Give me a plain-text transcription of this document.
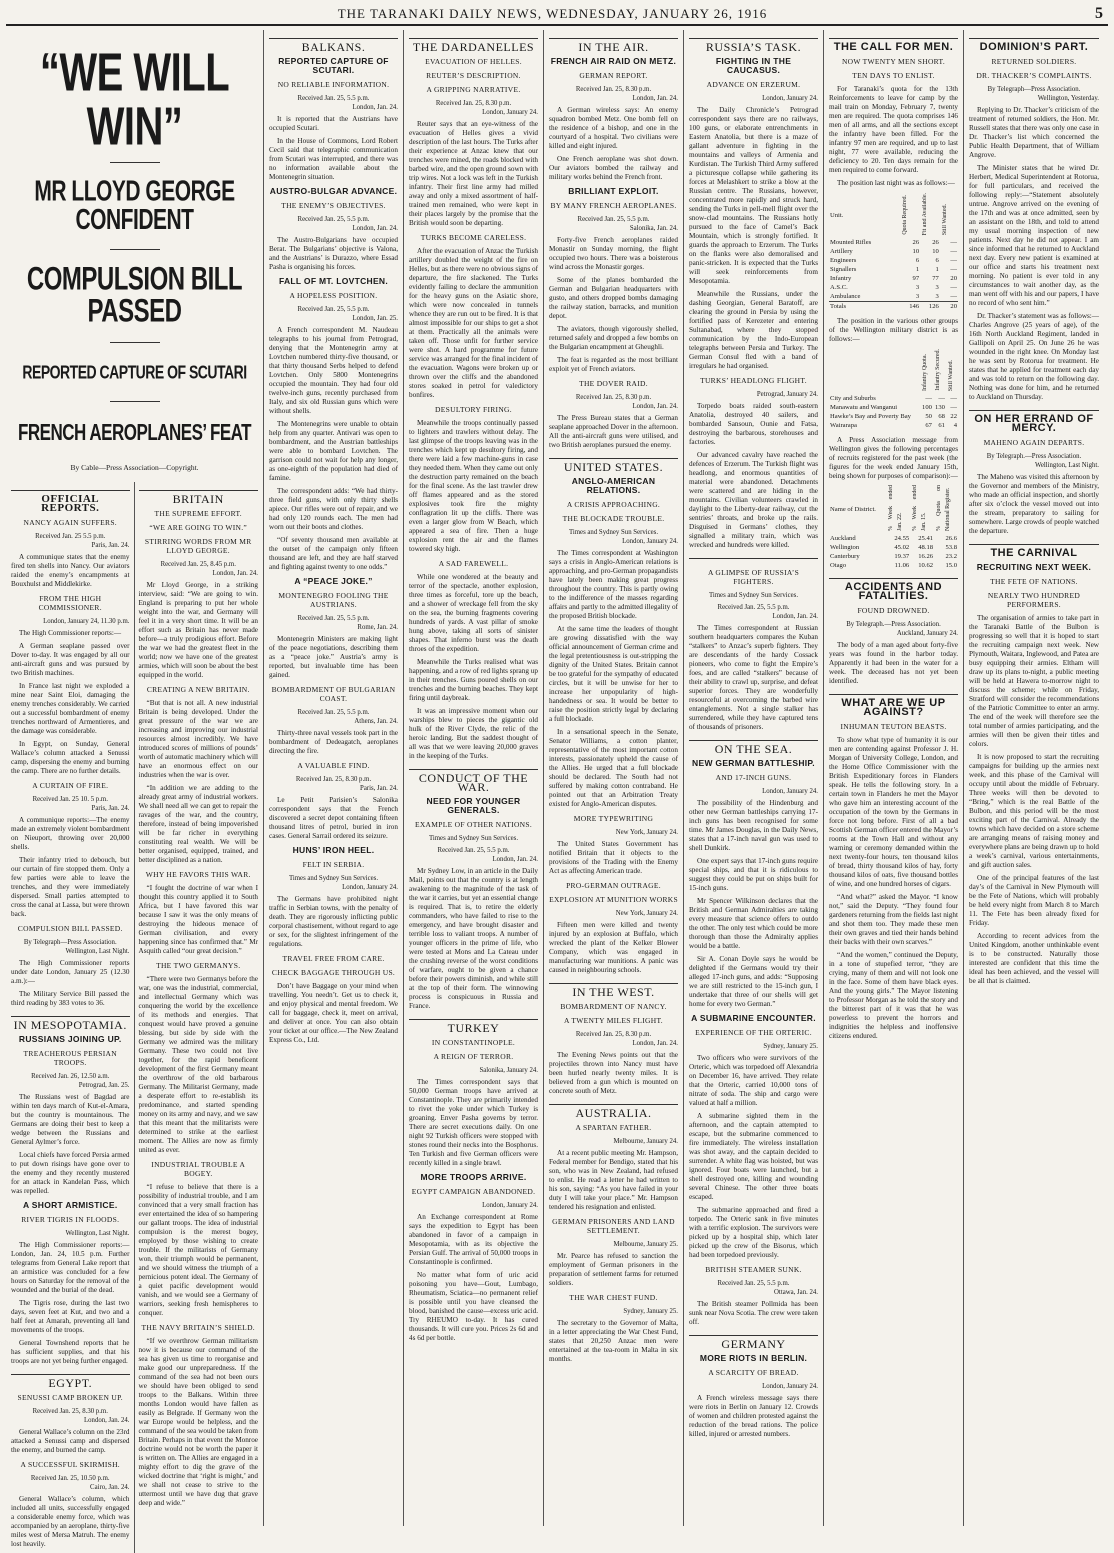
THE TARANAKI DAILY NEWS, WEDNESDAY, JANUARY 26, 1916	5
“WE WILL WIN”
MR LLOYD GEORGE CONFIDENT
COMPULSION BILL PASSED
REPORTED CAPTURE OF SCUTARI
FRENCH AEROPLANES’ FEAT
By Cable—Press Association—Copyright.
OFFICIAL REPORTS.
NANCY AGAIN SUFFERS.
Received Jan. 25 5.5 p.m.
Paris, Jan. 24.

A communique states that the enemy fired ten shells into Nancy. Our aviators raided the enemy’s encampments at Bouxhulst and Middlekirke.

FROM THE HIGH COMMISSIONER.
London, January 24, 11.30 p.m.

The High Commissioner reports:—

A German seaplane passed over Dover to-day. It was engaged by all our anti-aircraft guns and was pursued by two British machines.

In France last night we exploded a mine near Saint Eloi, damaging the enemy trenches considerably. We carried out a successful bombardment of enemy trenches northward of Armentieres, and the damage was considerable.

In Egypt, on Sunday, General Wallace’s column attacked a Senussi camp, dispersing the enemy and burning the camp. There are no further details.

A CURTAIN OF FIRE.
Received Jan. 25 10. 5 p.m.
Paris, Jan. 24.

A communique reports:—The enemy made an extremely violent bombardment on Nieuport, throwing over 20,000 shells.

Their infantry tried to debouch, but our curtain of fire stopped them. Only a few parties were able to leave the trenches, and they were immediately dispersed. Small parties attempted to cross the canal at Lassa, but were thrown back.

COMPULSION BILL PASSED.
By Telegraph—Press Association.
Wellington, Last Night.

The High Commissioner reports under date London, January 25 (12.30 a.m.):—

The Military Service Bill passed the third reading by 383 votes to 36.

IN MESOPOTAMIA.
RUSSIANS JOINING UP.
TREACHEROUS PERSIAN TROOPS.
Received Jan. 26, 12.50 a.m.
Petrograd, Jan. 25.

The Russians west of Bagdad are within ten days march of Kut-el-Amara, but the country is mountainous. The Germans are doing their best to keep a wedge between the Russians and General Aylmer’s force.

Local chiefs have forced Persia armed to put down risings have gone over to the enemy and they recently mustered for an attack in Kandelan Pass, which was repelled.

A SHORT ARMISTICE.
RIVER TIGRIS IN FLOODS.
Wellington, Last Night.

The High Commissioner reports:— London, Jan. 24, 10.5 p.m. Further telegrams from General Lake report that an armistice was concluded for a few hours on Saturday for the removal of the wounded and the burial of the dead.

The Tigris rose, during the last two days, seven feet at Kut, and two and a half feet at Amarah, preventing all land movements of the troops.

General Townshend reports that he has sufficient supplies, and that his troops are not yet being further engaged.

EGYPT.
SENUSSI CAMP BROKEN UP.
Received Jan. 25, 8.30 p.m.
London, Jan. 24.

General Wallace’s column on the 23rd attacked a Senussi camp and dispersed the enemy, and burned the camp.

A SUCCESSFUL SKIRMISH.
Received Jan. 25, 10.50 p.m.
Cairo, Jan. 24.

General Wallace’s column, which included all units, successfully engaged a considerable enemy force, which was accompanied by an aeroplane, thirty-five miles west of Mersa Matruh. The enemy lost heavily.

BRITAIN
THE SUPREME EFFORT.
“WE ARE GOING TO WIN.”
STIRRING WORDS FROM MR LLOYD GEORGE.
Received Jan. 25, 8.45 p.m.
London, Jan. 24.

Mr Lloyd George, in a striking interview, said: “We are going to win. England is preparing to put her whole weight into the war, and Germany will feel it in a very short time. It will be an effort such as Britain has never made before—a truly prodigious effort. Before the war we had the greatest fleet in the world; now we have one of the greatest armies, which will soon be about the best equipped in the world.

CREATING A NEW BRITAIN.

“But that is not all. A new industrial Britain is being developed. Under the great pressure of the war we are increasing and improving our industrial resources almost incredibly. We have introduced scores of millions of pounds’ worth of automatic machinery which will have an enormous effect on our industries when the war is over.

“In addition we are adding to the already great army of industrial workers. We shall need all we can get to repair the ravages of the war, and the country, therefore, instead of being impoverished will be far richer in everything constituting real wealth. We will be better organised, equipped, trained, and better disciplined as a nation.

WHY HE FAVORS THIS WAR.

“I fought the doctrine of war when I thought this country applied it to South Africa, but I have favored this war because I saw it was the only means of destroying the hideous menace of German civilisation, and every happening since has confirmed that.” Mr Asquith called “our great decision.”

THE TWO GERMANYS.

“There were two Germanys before the war, one was the industrial, commercial, and intellectual Germany which was conquering the world by the excellence of its methods and energies. That conquest would have proved a genuine blessing, but side by side with the Germany we admired was the military Germany. These two could not live together, for the rapid beneficent development of the first Germany meant the overthrow of the old barbarous Germany. The Militarist Germany, made a desperate effort to re-establish its predominance, and started spending money on its army and navy, and we saw that this meant that the militarists were determined to strike at the earliest moment. The Allies are now as firmly united as ever.

INDUSTRIAL TROUBLE A BOGEY.

“I refuse to believe that there is a possibility of industrial trouble, and I am convinced that a very small fraction has ever entertained the idea of so hampering our gallant troops. The idea of industrial compulsion is the merest bogey, employed by those wishing to create trouble. If the militarists of Germany won, their triumph would be permanent, and we should witness the triumph of a pernicious potent ideal. The Germany of a quiet pacific development would vanish, and we would see a Germany of warriors, seeking fresh hemispheres to conquer.

THE NAVY BRITAIN’S SHIELD.

“If we overthrow German militarism now it is because our command of the sea has given us time to reorganise and make good our unpreparedness. If the command of the sea had not been ours we should have been obliged to send troops to the Balkans. Within three months London would have fallen as easily as Belgrade. If Germany won the war Europe would be helpless, and the command of the sea would be taken from Britain. Perhaps in that event the Monroe doctrine would not be worth the paper it is written on. The Allies are engaged in a mighty effort to dig the grave of the wicked doctrine that ‘right is might,’ and we shall not cease to strive to the uttermost until we have dug that grave deep and wide.”

BALKANS.
REPORTED CAPTURE OF SCUTARI.
NO RELIABLE INFORMATION.
Received Jan. 25, 5.5 p.m.
London, Jan. 24.

It is reported that the Austrians have occupied Scutari.

In the House of Commons, Lord Robert Cecil said that telegraphic communication from Scutari was interrupted, and there was no information available about the Montenegrin situation.

AUSTRO-BULGAR ADVANCE.
THE ENEMY’S OBJECTIVES.
Received Jan. 25, 5.5 p.m.
London, Jan. 24.

The Austro-Bulgarians have occupied Berat. The Bulgarians’ objective is Valona, and the Austrians’ is Durazzo, where Essad Pasha is organising his forces.

FALL OF MT. LOVTCHEN.
A HOPELESS POSITION.
Received Jan. 25, 5.5 p.m.
London, Jan. 25.

A French correspondent M. Naudeau telegraphs to his journal from Petrograd, denying that the Montenegrin army at Lovtchen numbered thirty-five thousand, or that thirty thousand Serbs helped to defend Lovtchen. Only 5800 Montenegrins occupied the mountain. They had four old twelve-inch guns, recently purchased from Italy, and six old Russian guns which were without shells.

The Montenegrins were unable to obtain help from any quarter. Antivari was open to bombardment, and the Austrian battleships were able to bombard Lovtchen. The garrison could not wait for help any longer, as one-eighth of the population had died of famine.

The correspondent adds: “We had thirty-three field guns, with only thirty shells apiece. Our rifles were out of repair, and we had only 120 rounds each. The men had worn out their boots and clothes.

“Of seventy thousand men available at the outset of the campaign only fifteen thousand are left, and they are half starved and fighting against twenty to one odds.”

A “PEACE JOKE.”
MONTENEGRO FOOLING THE AUSTRIANS.
Received Jan. 25, 5.5 p.m.
Rome, Jan. 24.

Montenegrin Ministers are making light of the peace negotiations, describing them as a “peace joke.” Austria’s army is reported, but invaluable time has been gained.

BOMBARDMENT OF BULGARIAN COAST.
Received Jan. 25, 5.5 p.m.
Athens, Jan. 24.

Thirty-three naval vessels took part in the bombardment of Dedeagatch, aeroplanes directing the fire.

A VALUABLE FIND.
Received Jan. 25, 8.30 p.m.
Paris, Jan. 24.

Le Petit Parisien’s Salonika correspondent says that the French discovered a secret depot containing fifteen thousand litres of petrol, buried in iron cases. General Sarrail ordered its seizure.

HUNS’ IRON HEEL.
FELT IN SERBIA.
Times and Sydney Sun Services.
London, January 24.

The Germans have prohibited night traffic in Serbian towns, with the penalty of death. They are rigorously inflicting public corporal chastisement, without regard to age or sex, for the slightest infringement of the regulations.

TRAVEL FREE FROM CARE.
CHECK BAGGAGE THROUGH US.

Don’t have Baggage on your mind when travelling. You needn’t. Get us to check it, and enjoy physical and mental freedom. We call for baggage, check it, meet on arrival, and deliver at once. You can also obtain your ticket at our office.—The New Zealand Express Co., Ltd.

THE DARDANELLES
EVACUATION OF HELLES.
REUTER’S DESCRIPTION.
A GRIPPING NARRATIVE.
Received Jan. 25, 8.30 p.m.
London, January 24.

Reuter says that an eye-witness of the evacuation of Helles gives a vivid description of the last hours. The Turks after their experience at Anzac knew that our trenches were mined, the roads blocked with barbed wire, and the open ground sown with trip wires. Not a lock was left in the Turkish infantry. Their first line army had milled away and only a mixed assortment of half-trained men remained, who were kept in their places largely by the promise that the British would soon be departing.

TURKS BECOME CARELESS.

After the evacuation of Anzac the Turkish artillery doubled the weight of the fire on Helles, but as there were no obvious signs of departure, the fire slackened. The Turks evidently failing to declare the ammunition for the heavy guns on the Asiatic shore, which were now concealed in tunnels whence they are run out to be fired. It is that almost impossible for our ships to get a shot at them. Practically all the animals were taken off. Those unfit for further service were shot. A hard programme for future service was arranged for the final incident of the evacuation. Wagons were broken up or thrown over the cliffs and the abandoned stores soaked in petrol for valedictory bonfires.

DESULTORY FIRING.

Meanwhile the troops continually passed to lighters and trawlers without delay. The last glimpse of the troops leaving was in the trenches which kept up desultory firing, and there were laid a few machine-guns in case they needed them. When they came out only the destruction party remained on the beach for the final scene. As the last trawler drew off flames appeared and as the stored explosives took fire the mighty conflagration lit up the cliffs. There was even a larger glow from W Beach, which appeared a sea of fire. Then a huge explosion rent the air and the flames towered sky high.

A SAD FAREWELL.

While one wondered at the beauty and terror of the spectacle, another explosion, three times as forceful, tore up the beach, and a shower of wreckage fell from the sky on the sea, the burning fragments covering hundreds of yards. A vast pillar of smoke hung above, taking all sorts of sinister shapes. That inferno burst was the death throes of the expedition.

Meanwhile the Turks realised what was happening, and a row of red lights sprang up in their trenches. Guns poured shells on our trenches and the burning beaches. They kept firing until daybreak.

It was an impressive moment when our warships blew to pieces the gigantic old hulk of the River Clyde, the relic of the heroic landing. But the saddest thought of all was that we were leaving 20,000 graves in the keeping of the Turks.

CONDUCT OF THE WAR.
NEED FOR YOUNGER GENERALS.
EXAMPLE OF OTHER NATIONS.
Times and Sydney Sun Services.
Received Jan. 25, 5.5 p.m.
London, Jan. 24.

Mr Sydney Low, in an article in the Daily Mail, points out that the country is at length awakening to the magnitude of the task of the war it carries, but yet an essential change is required. That is, to retire the elderly commanders, who have failed to rise to the emergency, and have brought disaster and terrible loss to valiant troops. A number of younger officers in the prime of life, who were tested at Mons and La Cateau under the crushing reverse of the worst conditions of warfare, ought to be given a chance before their powers diminish, and while still at the top of their form. The winnowing process is conspicuous in Russia and France.

TURKEY
IN CONSTANTINOPLE.
A REIGN OF TERROR.
Salonika, January 24.

The Times correspondent says that 50,000 German troops have arrived at Constantinople. They are primarily intended to rivet the yoke under which Turkey is groaning. Enver Pasha governs by terror. There are secret executions daily. On one night 92 Turkish officers were stopped with stones round their necks into the Bosphorus. Ten Turkish and five German officers were recently killed in a single brawl.

MORE TROOPS ARRIVE.
EGYPT CAMPAIGN ABANDONED.
London, January 24.

An Exchange correspondent at Rome says the expedition to Egypt has been abandoned in favor of a campaign in Mesopotamia, with as its objective the Persian Gulf. The arrival of 50,000 troops in Constantinople is confirmed.

No matter what form of uric acid poisoning you have—Gout, Lumbago, Rheumatism, Sciatica—no permanent relief is possible until you have cleansed the blood, banished the cause—excess uric acid. Try RHEUMO to-day. It has cured thousands. It will cure you. Prices 2s 6d and 4s 6d per bottle.

IN THE AIR.
FRENCH AIR RAID ON METZ.
GERMAN REPORT.
Received Jan. 25, 8.30 p.m.
London, Jan. 24.

A German wireless says: An enemy squadron bombed Metz. One bomb fell on the residence of a bishop, and one in the courtyard of a hospital. Two civilians were killed and eight injured.

One French aeroplane was shot down. Our aviators bombed the railway and military works behind the French front.

BRILLIANT EXPLOIT.
BY MANY FRENCH AEROPLANES.
Received Jan. 25, 5.5 p.m.
Salonika, Jan. 24.

Forty-five French aeroplanes raided Monastir on Sunday morning, the flight occupied two hours. There was a boisterous wind across the Monastir gorges.

Some of the planes bombarded the German and Bulgarian headquarters with gusto, and others dropped bombs damaging the railway station, barracks, and munition depot.

The aviators, though vigorously shelled, returned safely and dropped a few bombs on the Bulgarian encampment at Gheughli.

The feat is regarded as the most brilliant exploit yet of French aviators.

THE DOVER RAID.
Received Jan. 25, 8.30 p.m.
London, Jan. 24.

The Press Bureau states that a German seaplane approached Dover in the afternoon. All the anti-aircraft guns were utilised, and two British aeroplanes pursued the enemy.

UNITED STATES.
ANGLO-AMERICAN RELATIONS.
A CRISIS APPROACHING.
THE BLOCKADE TROUBLE.
Times and Sydney Sun Services.
London, January 24.

The Times correspondent at Washington says a crisis in Anglo-American relations is approaching, and pro-German propagandists have lately been making great progress throughout the country. This is partly owing to the indifference of the masses regarding affairs and partly to the admitted illegality of the proposed British blockade.

At the same time the leaders of thought are growing dissatisfied with the way official announcement of German crime and the legal pretentiousness is out-stripping the dignity of the United States. Britain cannot be too grateful for the sympathy of educated circles, but it will be unwise for her to increase her unpopularity of high-handedness or sea. It would be better to raise the position strictly legal by declaring a full blockade.

In a sensational speech in the Senate, Senator Williams, a cotton planter, representative of the most important cotton interests, passionately upheld the cause of the Allies. He urged that a full blockade should be declared. The South had not suffered by making cotton contraband. He pointed out that an Arbitration Treaty existed for Anglo-American disputes.

MORE TYPEWRITING
New York, January 24.

The United States Government has notified Britain that it objects to the provisions of the Trading with the Enemy Act as affecting American trade.

PRO-GERMAN OUTRAGE.
EXPLOSION AT MUNITION WORKS
New York, January 24.

Fifteen men were killed and twenty injured by an explosion at Buffalo, which wrecked the plant of the Kelker Blower Company, which was engaged in manufacturing war munitions. A panic was caused in neighbouring schools.

IN THE WEST.
BOMBARDMENT OF NANCY.
A TWENTY MILES FLIGHT.
Received Jan. 25, 8.30 p.m.
London, Jan. 24.

The Evening News points out that the projectiles thrown into Nancy must have been hurled nearly twenty miles. It is believed from a gun which is mounted on concrete south of Metz.

AUSTRALIA.
A SPARTAN FATHER.
Melbourne, January 24.

At a recent public meeting Mr. Hampson, Federal member for Bendigo, stated that his son, who was in New Zealand, had refused to enlist. He read a letter he had written to his son, saying: “As you have failed in your duty I will take your place.” Mr. Hampson tendered his resignation and enlisted.

GERMAN PRISONERS AND LAND SETTLEMENT.
Melbourne, January 25.

Mr. Pearce has refused to sanction the employment of German prisoners in the preparation of settlement farms for returned soldiers.

THE WAR CHEST FUND.
Sydney, January 25.

The secretary to the Governor of Malta, in a letter appreciating the War Chest Fund, states that 20,250 Anzac men were entertained at the tea-room in Malta in six months.

RUSSIA’S TASK.
FIGHTING IN THE CAUCASUS.
ADVANCE ON ERZERUM.
London, January 24.

The Daily Chronicle’s Petrograd correspondent says there are no railways, 100 guns, or elaborate entrenchments in Eastern Anatolia, but there is a maze of gallant adventure in fighting in the mountains and valleys of Armenia and Kurdistan. The Turkish Third Army suffered a picturesque collapse while gathering its forces at Melashkert to strike a blow at the Russian centre. The Russians, however, concentrated more rapidly and struck hard, sending the Turks in pell-mell flight over the snow-clad mountains. The Russians hotly pursued to the face of Camel’s Back Mountain, which is strongly fortified. It guards the approach to Erzerum. The Turks on the flanks were also demoralised and panic-stricken. It is expected that the Turks will seek reinforcements from Mesopotamia.

Meanwhile the Russians, under the dashing Georgian, General Baratoff, are clearing the ground in Persia by using the fortified pass of Kerezeter and entering Sultanabad, where they stopped communication by the Indo-European telegraphs between Persia and Turkey. The German Consul fled with a band of irregulars he had organised.

TURKS’ HEADLONG FLIGHT.
Petrograd, January 24.

Torpedo boats raided south-eastern Anatolia, destroyed 40 sailers, and bombarded Sansoun, Ounie and Fatsa, destroying the barbarous, storehouses and factories.

Our advanced cavalry have reached the defences of Erzerum. The Turkish flight was headlong, and enormous quantities of material were abandoned. Detachments were scattered and are hiding in the mountains. Civilian volunteers crawled in daylight to the Liberty-dear railway, cut the sentries’ throats, and broke up the rails. Disguised in Germans’ clothes, they signalled a military train, which was wrecked and hundreds were killed.

A GLIMPSE OF RUSSIA’S FIGHTERS.
Times and Sydney Sun Services.
Received Jan. 25, 5.5 p.m.
London, Jan. 24.

The Times correspondent at Russian southern headquarters compares the Kuban “stalkers” to Anzac’s superb fighters. They are descendants of the hardy Cossack pioneers, who come to fight the Empire’s foes, and are called “stalkers” because of their ability to crawl up, surprise, and defeat superior forces. They are wonderfully resourceful at overcoming the barbed wire entanglements. Not a single stalker has surrendered, while they have captured tens of thousands of prisoners.

ON THE SEA.
NEW GERMAN BATTLESHIP.
AND 17-INCH GUNS.
London, January 24.

The possibility of the Hindenburg and other new German battleships carrying 17-inch guns has been recognised for some time. Mr James Douglas, in the Daily News, states that a 17-inch naval gun was used to shell Dunkirk.

One expert says that 17-inch guns require special ships, and that it is ridiculous to suggest they could be put on ships built for 15-inch guns.

Mr Spencer Wilkinson declares that the British and German Admiralties are taking every measure that science offers to outdo the other. The only test which could be more thorough than those the Admiralty applies would be a battle.

Sir A. Conan Doyle says he would be delighted if the Germans would try their alleged 17-inch guns, and adds: “Supposing we are still restricted to the 15-inch gun, I undertake that three of our shells will get home for every two German.”

A SUBMARINE ENCOUNTER.
EXPERIENCE OF THE ORTERIC.
Sydney, January 25.

Two officers who were survivors of the Orteric, which was torpedoed off Alexandria on December 16, have arrived. They relate that the Orteric, carried 10,000 tons of nitrate of soda. The ship and cargo were valued at half a million.

A submarine sighted them in the afternoon, and the captain attempted to escape, but the submarine commenced to fire immediately. The wireless installation was shot away, and the captain decided to surrender. A white flag was hoisted, but was ignored. Four boats were launched, but a shell destroyed one, killing and wounding several Chinese. The other three boats escaped.

The submarine approached and fired a torpedo. The Orteric sank in five minutes with a terrific explosion. The survivors were picked up by a hospital ship, which later picked up the crew of the Bisorus, which had been torpedoed previously.

BRITISH STEAMER SUNK.
Received Jan. 25, 5.5 p.m.
Ottawa, Jan. 24.

The British steamer Pollmida has been sunk near Nova Scotia. The crew were taken off.

GERMANY
MORE RIOTS IN BERLIN.
A SCARCITY OF BREAD.
London, January 24.

A French wireless message says there were riots in Berlin on January 12. Crowds of women and children protested against the reduction of the bread rations. The police killed, injured or arrested numbers.

THE CALL FOR MEN.
NOW TWENTY MEN SHORT.
TEN DAYS TO ENLIST.

For Taranaki’s quota for the 13th Reinforcements to leave for camp by the mail train on Monday, February 7, twenty men are required. The quota comprises 146 men of all arms, and all the sections except the infantry have been filled. For the infantry 97 men are required, and up to last night, 77 were available, reducing the deficiency to 20. Ten days remain for the men required to come forward.

The position last night was as follows:—

Unit.	Quota Required.	Fit and Available.	Still Wanted.
Mounted Rifles	26	26	—
Artillery	10	10	—
Engineers	6	6	—
Signallers	1	1	—
Infantry	97	77	20
A.S.C.	3	3	—
Ambulance	3	3	—
Totals	146	126	20

The position in the various other groups of the Wellington military district is as follows:—

	Infantry Quota.	Infantry Secured.	Still Wanted.
City and Suburbs	—	—	—
Manawatu and Wanganui	100	130	—
Hawke’s Bay and Poverty Bay	50	68	22
Wairarapa	67	61	4

A Press Association message from Wellington gives the following percentages of recruits registered for the past week (the figures for the week ended January 15th, being shown for purposes of comparison):—

Name of District.	% Week ended Jan. 22.	% Week ended Jan. 15.	% Quota on National Register.
Auckland	24.55	25.41	26.6
Wellington	45.02	48.18	53.8
Canterbury	19.37	16.26	23.2
Otago	11.06	10.62	15.0
ACCIDENTS AND FATALITIES.
FOUND DROWNED.
By Telegraph.—Press Association.
Auckland, January 24.

The body of a man aged about forty-five years was found in the harbor today. Apparently it had been in the water for a week. The deceased has not yet been identified.

WHAT ARE WE UP AGAINST?
INHUMAN TEUTON BEASTS.

To show what type of humanity it is our men are contending against Professor J. H. Morgan of University College, London, and the Home Office Commissioner with the British Expeditionary forces in Flanders speak. He tells the following story. In a certain town in Flanders he met the Mayor who gave him an interesting account of the occupation of the town by the Germans in force not long before. First of all a bad Scottish German officer entered the Mayor’s rooms at the Town Hall and without any warning or ceremony demanded within the next twenty-four hours, ten thousand kilos of bread, thirty thousand kilos of hay, forty thousand kilos of oats, five thousand bottles of wine, and one hundred horses of cigars.

“And what?” asked the Mayor. “I know not,” said the Deputy. “They found four gardeners returning from the fields last night and shot them too. They made these men their own graves and tied their hands behind their backs with their own scarves.”

“And the women,” continued the Deputy, in a tone of stupefied terror, “they are crying, many of them and will not look one in the face. Some of them have black eyes. And the young girls.” The Mayor listening to Professor Morgan as he told the story and the bitterest part of it was that he was powerless to prevent the horrors and indignities the helpless and inoffensive citizens endured.

DOMINION’S PART.
RETURNED SOLDIERS.
DR. THACKER’S COMPLAINTS.
By Telegraph—Press Association.
Wellington, Yesterday.

Replying to Dr. Thacker’s criticism of the treatment of returned soldiers, the Hon. Mr. Russell states that there was only one case in Dr. Thacker’s list which concerned the Public Health Department, that of William Angrove.

The Minister states that he wired Dr. Herbert, Medical Superintendent at Rotorua, for full particulars, and received the following reply:—“Statement absolutely untrue. Angrove arrived on the evening of the 17th and was at once admitted, seen by an assistant on the 18th, and told to attend my usual morning inspection of new patients. Next day he did not appear. I am since informed that he returned to Auckland next day. Every new patient is examined at our office and starts his treatment next morning. No patient is ever told in any circumstances to wait another day, as the man went off with his and our papers, I have no record of who sent him.”

Dr. Thacker’s statement was as follows:—Charles Angrove (25 years of age), of the 16th North Auckland Regiment, landed in Gallipoli on April 25. On June 26 he was wounded in the right knee. On Monday last he was sent by Rotorua for treatment. He states that he applied for treatment each day and was told to return on the following day. Nothing was done for him, and he returned to Auckland on Thursday.

ON HER ERRAND OF MERCY.
MAHENO AGAIN DEPARTS.
By Telegraph.—Press Association.
Wellington, Last Night.

The Maheno was visited this afternoon by the Governor and members of the Ministry, who made an official inspection, and shortly after six o’clock the vessel moved out into the stream, preparatory to sailing for somewhere. Large crowds of people watched the departure.

THE CARNIVAL
RECRUITING NEXT WEEK.
THE FETE OF NATIONS.
NEARLY TWO HUNDRED PERFORMERS.

The organisation of armies to take part in the Taranaki Battle of the Bulbon is progressing so well that it is hoped to start the recruiting campaign next week. New Plymouth, Waitara, Inglewood, and Patea are busy equipping their armies. Eltham will draw up its plans to-night, a public meeting will be held at Hawera to-morrow night to discuss the scheme; while on Friday, Stratford will consider the recommendations of the Patriotic Committee to enter an army. The end of the week will therefore see the total number of armies participating, and the armies will then be given their titles and colors.

It is now proposed to start the recruiting campaigns for building up the armies next week, and this phase of the Carnival will occupy until about the middle of February. Three weeks will then be devoted to “Bring,” which is the real Battle of the Bulbon, and this period will be the most exciting part of the Carnival. Already the towns which have decided on a store scheme are arranging means of raising money and everywhere plans are being drawn up to hold a week’s carnival, various entertainments, and gift auction sales.

One of the principal features of the last day’s of the Carnival in New Plymouth will be the Fete of Nations, which will probably be held every night from March 8 to March 11. The Fete has been already fixed for Friday.

According to recent advices from the United Kingdom, another unthinkable event is to be constructed. Naturally those interested are confident that this time the ideal has been achieved, and the vessel will be all that is claimed.
